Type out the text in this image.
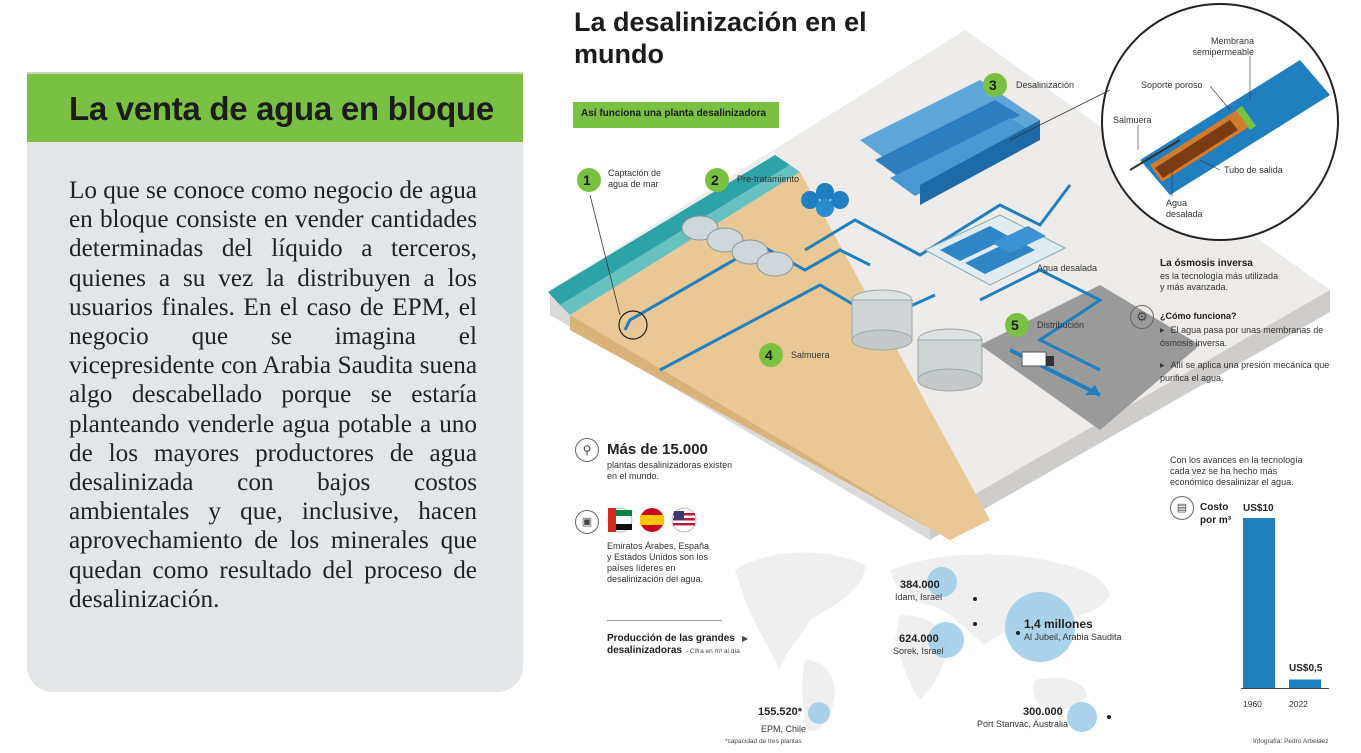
La venta de agua en bloque

Lo que se conoce como negocio de agua en bloque consiste en vender cantidades determinadas del líquido a terceros, quienes a su vez la distribuyen a los usuarios finales. En el caso de EPM, el negocio que se imagina el vicepresidente con Arabia Saudita suena algo descabellado porque se estaría planteando venderle agua potable a uno de los mayores productores de agua desalinizada con bajos costos ambientales y que, inclusive, hacen aprovechamiento de los minerales que quedan como resultado del proceso de desalinización.

La desalinización en el mundo
Así funciona una planta desalinizadora
1	2
3
4
5
Captación de agua de mar	Pre-tratamiento
Desalinización
Salmuera
Distribución
Agua desalada
Membrana semipermeable
Soporte poroso
Salmuera
Tubo de salida
Agua desalada
La ósmosis inversa
es la tecnología más utilizada y más avanzada.
⚙	¿Cómo funciona?
▶ El agua pasa por unas membranas de ósmosis inversa.
▶ Allí se aplica una presión mecánica que purifica el agua.
384.000
Idam, Israel
624.000
Sorek, Israel
1,4 millones
Al Jubeil, Arabia Saudita
300.000
Port Stanvac, Australia
155.520*
EPM, Chile
*capacidad de tres plantas
⚲	Más de 15.000
plantas desalinizadoras existen en el mundo.
▣
Emiratos Árabes, España y Estados Unidos son los países líderes en desalinización del agua.
Producción de las grandes desalinizadoras
▶
- Cifra en m³ al día
Con los avances en la tecnología cada vez se ha hecho más económico desalinizar el agua.
▤	Costo por m³
1960	2022
US$10
US$0,5
Infografía: Pedro Arbeláez
